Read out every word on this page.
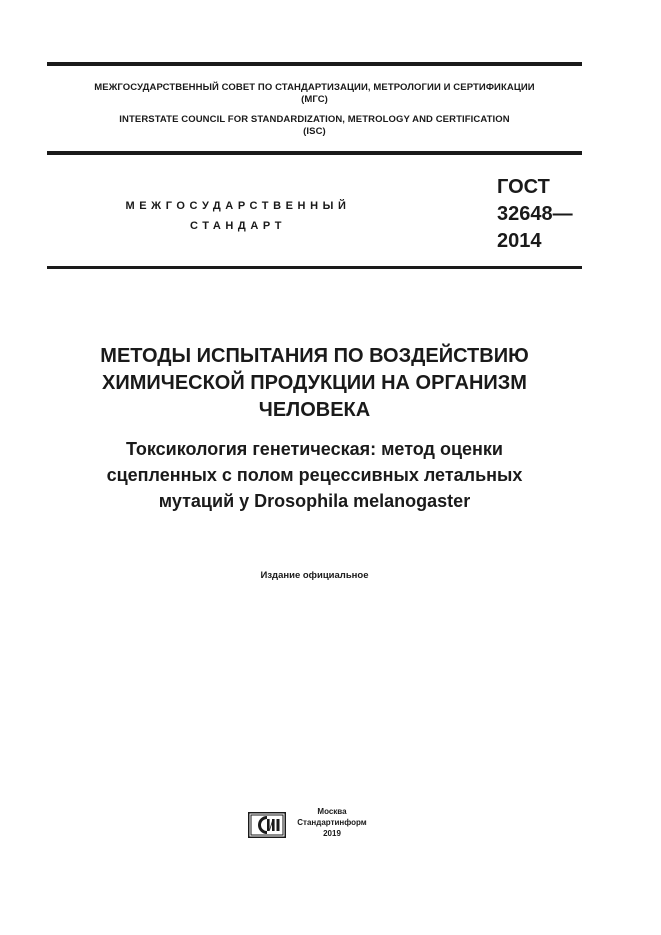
МЕЖГОСУДАРСТВЕННЫЙ СОВЕТ ПО СТАНДАРТИЗАЦИИ, МЕТРОЛОГИИ И СЕРТИФИКАЦИИ
(МГС)
INTERSTATE COUNCIL FOR STANDARDIZATION, METROLOGY AND CERTIFICATION
(ISC)
МЕЖГОСУДАРСТВЕННЫЙ
СТАНДАРТ
ГОСТ
32648—
2014
МЕТОДЫ ИСПЫТАНИЯ ПО ВОЗДЕЙСТВИЮ
ХИМИЧЕСКОЙ ПРОДУКЦИИ НА ОРГАНИЗМ
ЧЕЛОВЕКА
Токсикология генетическая: метод оценки
сцепленных с полом рецессивных летальных
мутаций у Drosophila melanogaster
Издание официальное
Москва
Стандартинформ
2019
